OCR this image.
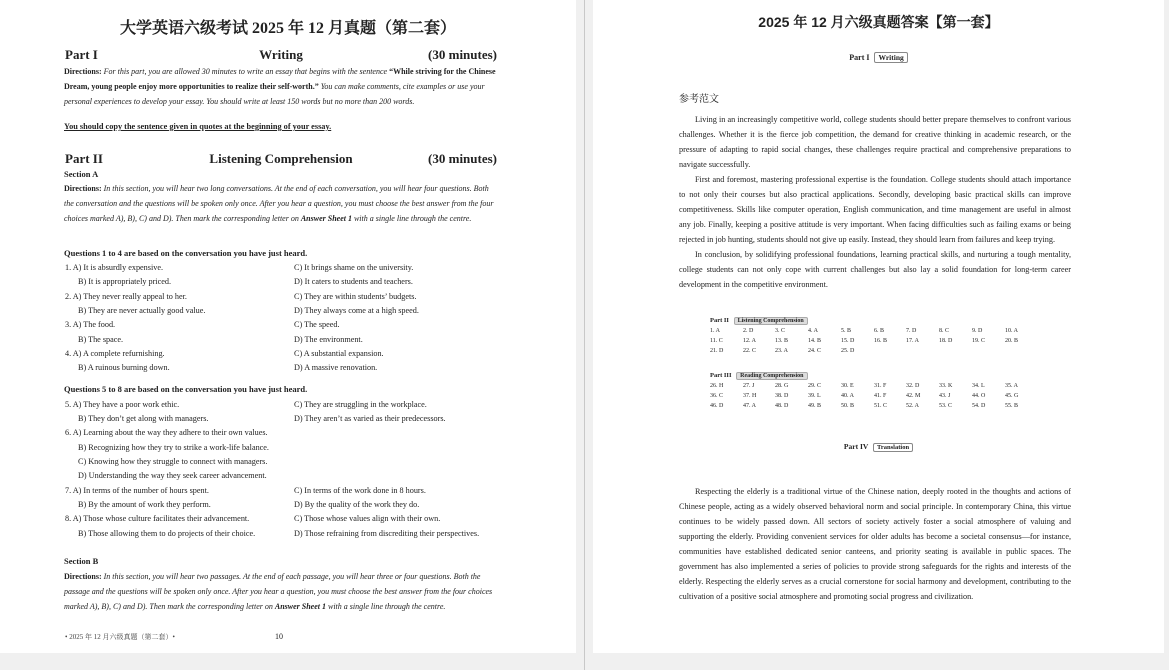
大学英语六级考试 2025 年 12 月真题（第二套）
Part I	Writing	(30 minutes)
Directions: For this part, you are allowed 30 minutes to write an essay that begins with the sentence “While striving for the Chinese Dream, young people enjoy more opportunities to realize their self-worth.” You can make comments, cite examples or use your personal experiences to develop your essay. You should write at least 150 words but no more than 200 words.
You should copy the sentence given in quotes at the beginning of your essay.
Part II	Listening Comprehension	(30 minutes)
Section A
Directions: In this section, you will hear two long conversations. At the end of each conversation, you will hear four questions. Both the conversation and the questions will be spoken only once. After you hear a question, you must choose the best answer from the four choices marked A), B), C) and D). Then mark the corresponding letter on Answer Sheet 1 with a single line through the centre.
Questions 1 to 4 are based on the conversation you have just heard.
Questions 5 to 8 are based on the conversation you have just heard.
1. A) It is absurdly expensive.	C) It brings shame on the university.
B) It is appropriately priced.	D) It caters to students and teachers.
2. A) They never really appeal to her.	C) They are within students’ budgets.
B) They are never actually good value.	D) They always come at a high speed.
3. A) The food.	C) The speed.
B) The space.	D) The environment.
4. A) A complete refurnishing.	C) A substantial expansion.
B) A ruinous burning down.	D) A massive renovation.
5. A) They have a poor work ethic.	C) They are struggling in the workplace.
B) They don’t get along with managers.	D) They aren’t as varied as their predecessors.
6. A) Learning about the way they adhere to their own values.
B) Recognizing how they try to strike a work-life balance.
C) Knowing how they struggle to connect with managers.
D) Understanding the way they seek career advancement.
7. A) In terms of the number of hours spent.	C) In terms of the work done in 8 hours.
B) By the amount of work they perform.	D) By the quality of the work they do.
8. A) Those whose culture facilitates their advancement.	C) Those whose values align with their own.
B) Those allowing them to do projects of their choice.	D) Those refraining from discrediting their perspectives.
Section B
Directions: In this section, you will hear two passages. At the end of each passage, you will hear three or four questions. Both the passage and the questions will be spoken only once. After you hear a question, you must choose the best answer from the four choices marked A), B), C) and D). Then mark the corresponding letter on Answer Sheet 1 with a single line through the centre.
• 2025 年 12 月六级真题（第二套）•	10
2025 年 12 月六级真题答案【第一套】
Part I Writing
参考范文

Living in an increasingly competitive world, college students should better prepare themselves to confront various challenges. Whether it is the fierce job competition, the demand for creative thinking in academic research, or the pressure of adapting to rapid social changes, these challenges require practical and comprehensive preparations to navigate successfully.

First and foremost, mastering professional expertise is the foundation. College students should attach importance to not only their courses but also practical applications. Secondly, developing basic practical skills can improve competitiveness. Skills like computer operation, English communication, and time management are useful in almost any job. Finally, keeping a positive attitude is very important. When facing difficulties such as failing exams or being rejected in job hunting, students should not give up easily. Instead, they should learn from failures and keep trying.

In conclusion, by solidifying professional foundations, learning practical skills, and nurturing a tough mentality, college students can not only cope with current challenges but also lay a solid foundation for long-term career development in the competitive environment.

Part II Listening Comprehension
1. A	2. D	3. C	4. A	5. B	6. B	7. D	8. C	9. D	10. A
11. C	12. A	13. B	14. B	15. D	16. B	17. A	18. D	19. C	20. B
21. D	22. C	23. A	24. C	25. D
Part III Reading Comprehension
26. H	27. J	28. G	29. C	30. E	31. F	32. D	33. K	34. L	35. A
36. C	37. H	38. D	39. L	40. A	41. F	42. M	43. J	44. O	45. G
46. D	47. A	48. D	49. B	50. B	51. C	52. A	53. C	54. D	55. B
Part IV Translation

Respecting the elderly is a traditional virtue of the Chinese nation, deeply rooted in the thoughts and actions of Chinese people, acting as a widely observed behavioral norm and social principle. In contemporary China, this virtue continues to be widely passed down. All sectors of society actively foster a social atmosphere of valuing and supporting the elderly. Providing convenient services for older adults has become a societal consensus—for instance, communities have established dedicated senior canteens, and priority seating is available in public spaces. The government has also implemented a series of policies to provide strong safeguards for the rights and interests of the elderly. Respecting the elderly serves as a crucial cornerstone for social harmony and development, contributing to the cultivation of a positive social atmosphere and promoting social progress and civilization.
